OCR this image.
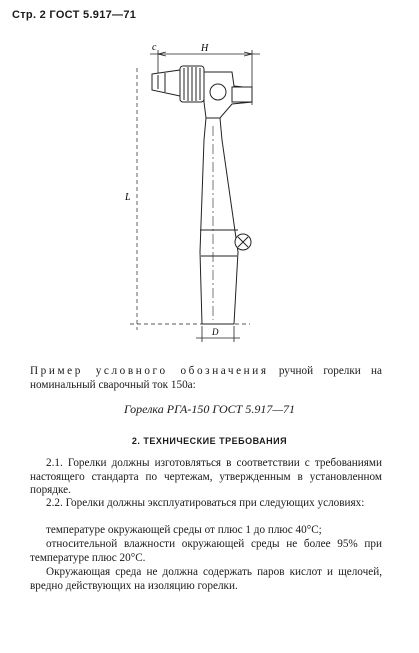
Стр. 2 ГОСТ 5.917—71
c	H
L
D
Пример условного обозначения ручной горелки на номинальный сварочный ток 150а:
Горелка РГА-150 ГОСТ 5.917—71
2. ТЕХНИЧЕСКИЕ ТРЕБОВАНИЯ
2.1. Горелки должны изготовляться в соответствии с требованиями настоящего стандарта по чертежам, утвержденным в установленном порядке.
2.2. Горелки должны эксплуатироваться при следующих условиях:
температуре окружающей среды от плюс 1 до плюс 40°С;
относительной влажности окружающей среды не более 95% при температуре плюс 20°С.
Окружающая среда не должна содержать паров кислот и щелочей, вредно действующих на изоляцию горелки.
